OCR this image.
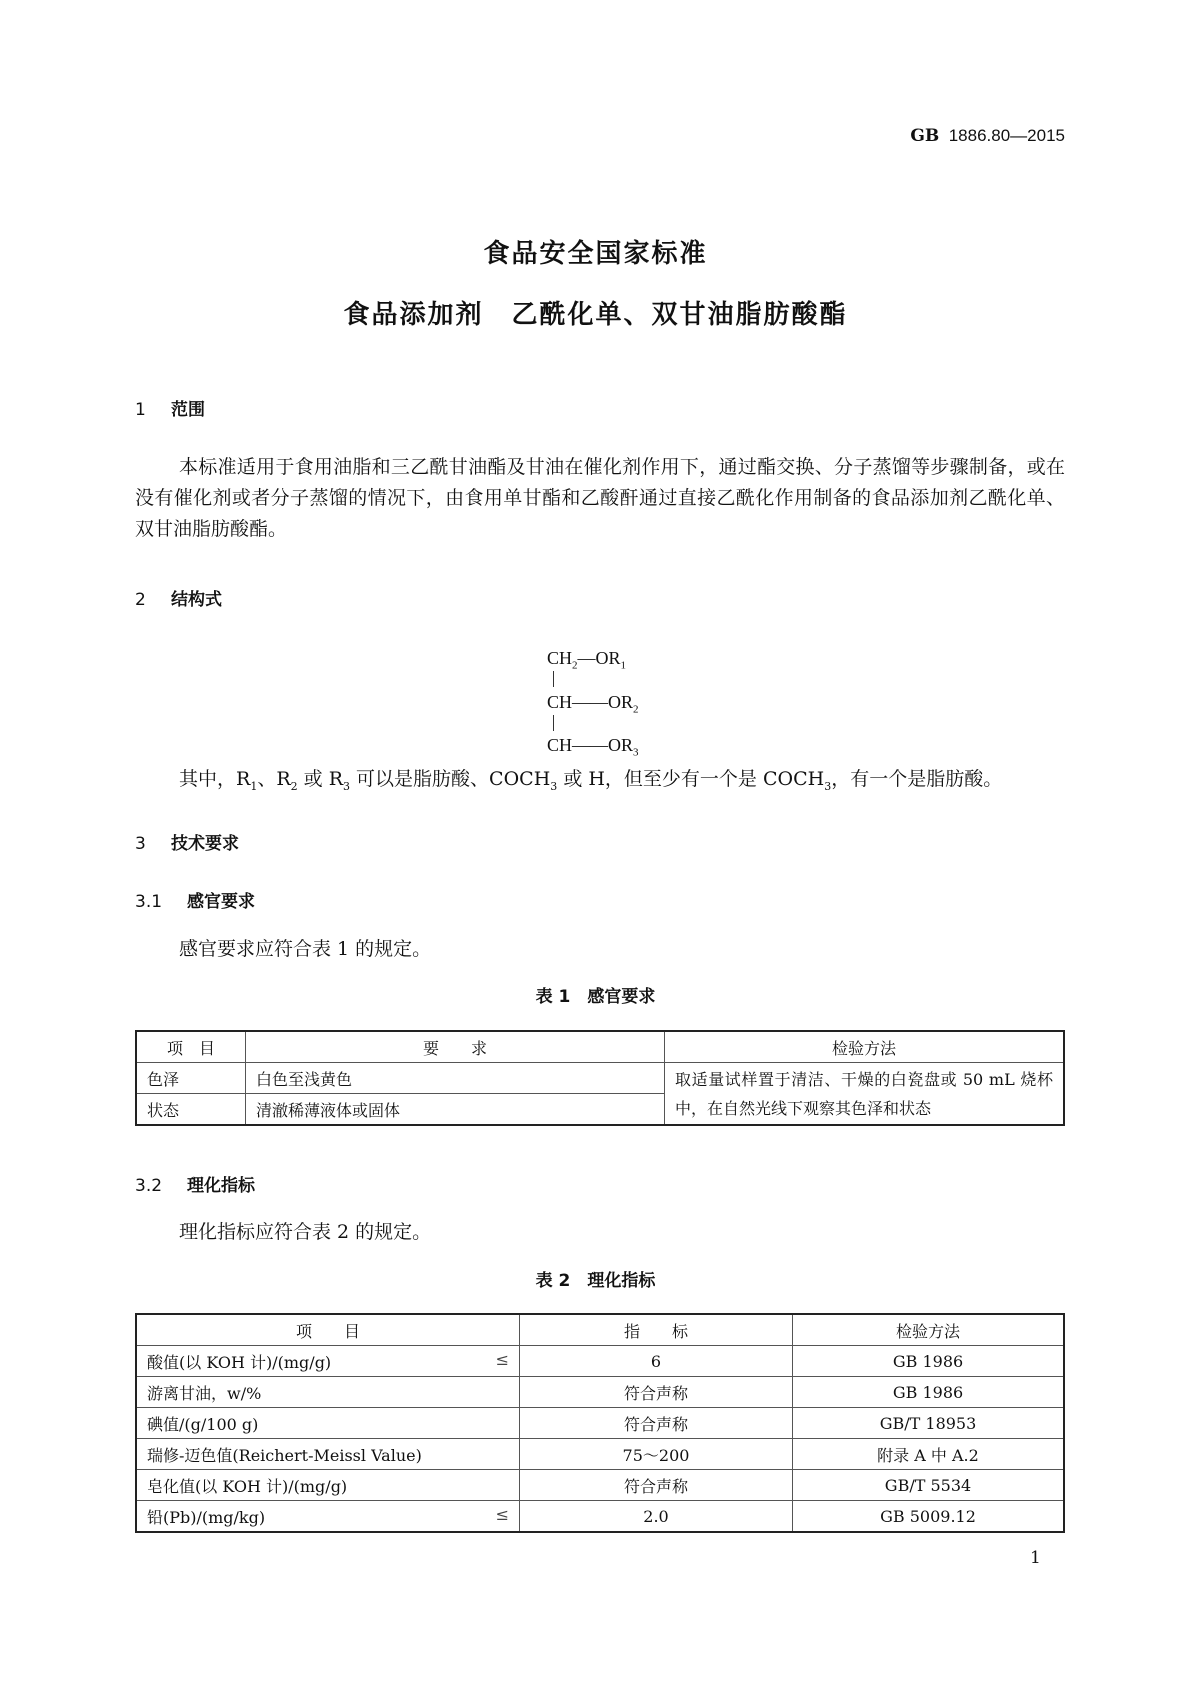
GB 1886.80—2015
食品安全国家标准
食品添加剂　乙酰化单、双甘油脂肪酸酯
1 范围
本标准适用于食用油脂和三乙酰甘油酯及甘油在催化剂作用下，通过酯交换、分子蒸馏等步骤制备，或在没有催化剂或者分子蒸馏的情况下，由食用单甘酯和乙酸酐通过直接乙酰化作用制备的食品添加剂乙酰化单、双甘油脂肪酸酯。
2 结构式
$CH_2—OR_1$
$CH——OR_2$
$CH——OR_3$
其中，$R_1$、$R_2$ 或 $R_3$ 可以是脂肪酸、$COCH_3$ 或 H，但至少有一个是 $COCH_3$，有一个是脂肪酸。
3 技术要求
3.1 感官要求
感官要求应符合表 1 的规定。
表 1　感官要求
项　目	要　　求	检验方法
色泽	白色至浅黄色	取适量试样置于清洁、干燥的白瓷盘或 50 mL 烧杯中，在自然光线下观察其色泽和状态
状态	清澈稀薄液体或固体	
3.2 理化指标
理化指标应符合表 2 的规定。
表 2　理化指标
项　　目	指　　标	检验方法
酸值(以 KOH 计)/(mg/g) ≤	6	GB 1986
游离甘油，w/%	符合声称	GB 1986
碘值/(g/100 g)	符合声称	GB/T 18953
瑞修-迈色值(Reichert-Meissl Value)	75～200	附录 A 中 A.2
皂化值(以 KOH 计)/(mg/g)	符合声称	GB/T 5534
铅(Pb)/(mg/kg) ≤	2.0	GB 5009.12
1
